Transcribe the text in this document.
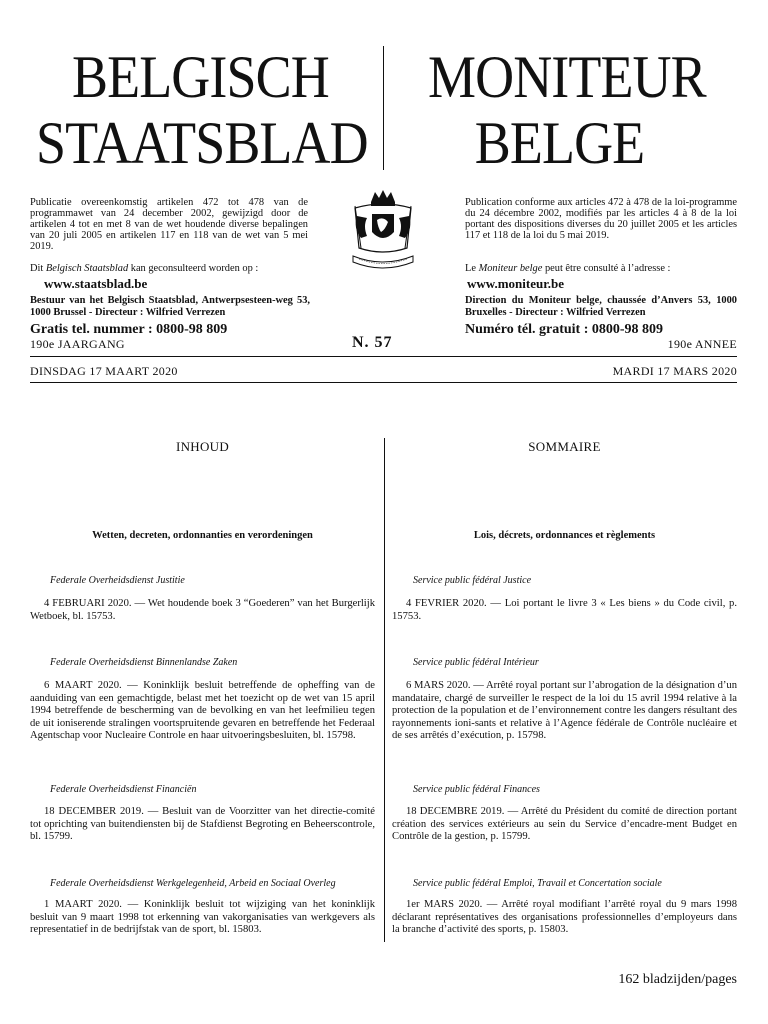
BELGISCH
STAATSBLAD
MONITEUR
BELGE
Publicatie overeenkomstig artikelen 472 tot 478 van de programmawet van 24 december 2002, gewijzigd door de artikelen 4 tot en met 8 van de wet houdende diverse bepalingen van 20 juli 2005 en artikelen 117 en 118 van de wet van 5 mei 2019.
Dit Belgisch Staatsblad kan geconsulteerd worden op :
www.staatsblad.be
Bestuur van het Belgisch Staatsblad, Antwerpsesteen-weg 53, 1000 Brussel - Directeur : Wilfried Verrezen
Gratis tel. nummer : 0800-98 809
190e JAARGANG	N. 57
Publication conforme aux articles 472 à 478 de la loi-programme du 24 décembre 2002, modifiés par les articles 4 à 8 de la loi portant des dispositions diverses du 20 juillet 2005 et les articles 117 et 118 de la loi du 5 mai 2019.
Le Moniteur belge peut être consulté à l’adresse :
www.moniteur.be
Direction du Moniteur belge, chaussée d’Anvers 53, 1000 Bruxelles - Directeur : Wilfried Verrezen
Numéro tél. gratuit : 0800-98 809
190e ANNEE
DINSDAG 17 MAART 2020	MARDI 17 MARS 2020
INHOUD
Wetten, decreten, ordonnanties en verordeningen
Federale Overheidsdienst Justitie
4 FEBRUARI 2020. — Wet houdende boek 3 “Goederen” van het Burgerlijk Wetboek, bl. 15753.
Federale Overheidsdienst Binnenlandse Zaken
6 MAART 2020. — Koninklijk besluit betreffende de opheffing van de aanduiding van een gemachtigde, belast met het toezicht op de wet van 15 april 1994 betreffende de bescherming van de bevolking en van het leefmilieu tegen de uit ioniserende stralingen voortspruitende gevaren en betreffende het Federaal Agentschap voor Nucleaire Controle en haar uitvoeringsbesluiten, bl. 15798.
Federale Overheidsdienst Financiën
18 DECEMBER 2019. — Besluit van de Voorzitter van het directie-comité tot oprichting van buitendiensten bij de Stafdienst Begroting en Beheerscontrole, bl. 15799.
Federale Overheidsdienst Werkgelegenheid, Arbeid en Sociaal Overleg
1 MAART 2020. — Koninklijk besluit tot wijziging van het koninklijk besluit van 9 maart 1998 tot erkenning van vakorganisaties van werkgevers als representatief in de bedrijfstak van de sport, bl. 15803.
SOMMAIRE
Lois, décrets, ordonnances et règlements
Service public fédéral Justice
4 FEVRIER 2020. — Loi portant le livre 3 « Les biens » du Code civil, p. 15753.
Service public fédéral Intérieur
6 MARS 2020. — Arrêté royal portant sur l’abrogation de la désignation d’un mandataire, chargé de surveiller le respect de la loi du 15 avril 1994 relative à la protection de la population et de l’environnement contre les dangers résultant des rayonnements ioni-sants et relative à l’Agence fédérale de Contrôle nucléaire et de ses arrêtés d’exécution, p. 15798.
Service public fédéral Finances
18 DECEMBRE 2019. — Arrêté du Président du comité de direction portant création des services extérieurs au sein du Service d’encadre-ment Budget en Contrôle de la gestion, p. 15799.
Service public fédéral Emploi, Travail et Concertation sociale
1er MARS 2020. — Arrêté royal modifiant l’arrêté royal du 9 mars 1998 déclarant représentatives des organisations professionnelles d’employeurs dans la branche d’activité des sports, p. 15803.
162 bladzijden/pages
